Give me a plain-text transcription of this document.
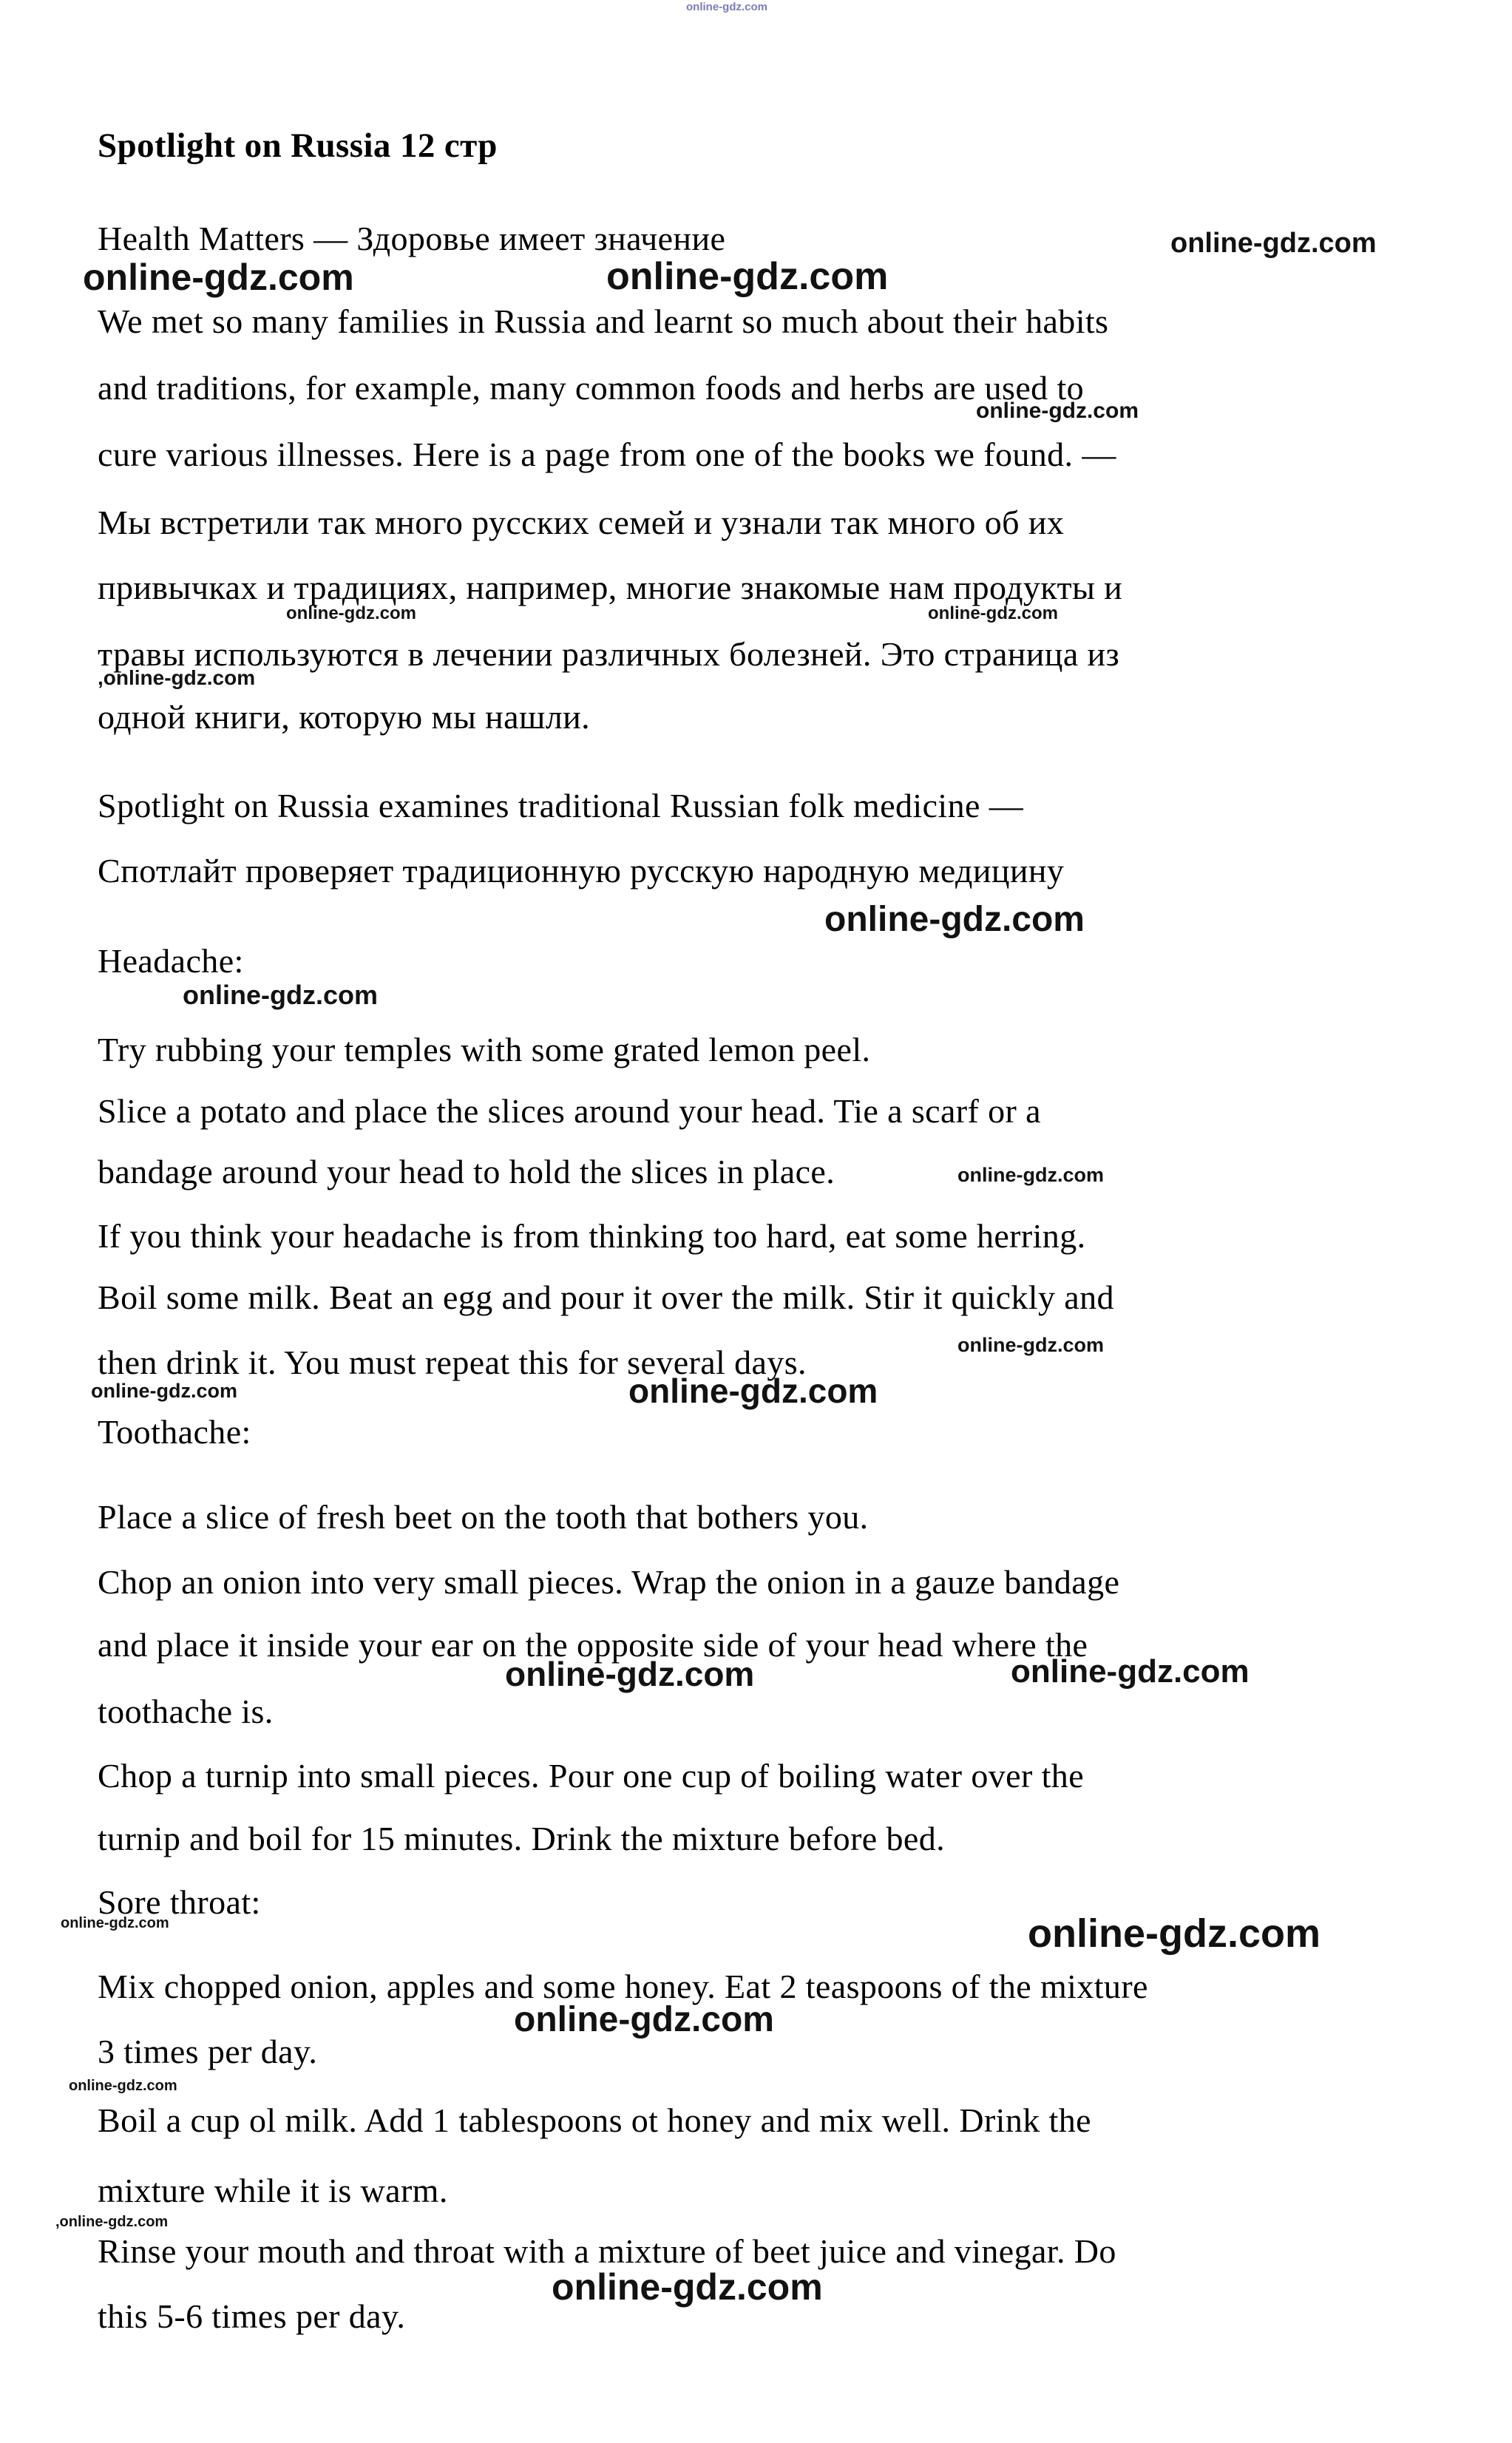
online-gdz.com
Spotlight on Russia 12 стр
Health Matters — Здоровье имеет значение
We met so many families in Russia and learnt so much about their habits
and traditions, for example, many common foods and herbs are used to
cure various illnesses. Here is a page from one of the books we found. —
Мы встретили так много русских семей и узнали так много об их
привычках и традициях, например, многие знакомые нам продукты и
травы используются в лечении различных болезней. Это страница из
одной книги, которую мы нашли.
Spotlight on Russia examines traditional Russian folk medicine —
Спотлайт проверяет традиционную русскую народную медицину
Headache:
Try rubbing your temples with some grated lemon peel.
Slice a potato and place the slices around your head. Tie a scarf or a
bandage around your head to hold the slices in place.
If you think your headache is from thinking too hard, eat some herring.
Boil some milk. Beat an egg and pour it over the milk. Stir it quickly and
then drink it. You must repeat this for several days.
Toothache:
Place a slice of fresh beet on the tooth that bothers you.
Chop an onion into very small pieces. Wrap the onion in a gauze bandage
and place it inside your ear on the opposite side of your head where the
toothache is.
Chop a turnip into small pieces. Pour one cup of boiling water over the
turnip and boil for 15 minutes. Drink the mixture before bed.
Sore throat:
Mix chopped onion, apples and some honey. Eat 2 teaspoons of the mixture
3 times per day.
Boil a cup ol milk. Add 1 tablespoons ot honey and mix well. Drink the
mixture while it is warm.
Rinse your mouth and throat with a mixture of beet juice and vinegar. Do
this 5-6 times per day.
online-gdz.com	online-gdz.com
online-gdz.com
online-gdz.com
online-gdz.com	online-gdz.com
,online-gdz.com
online-gdz.com
online-gdz.com
online-gdz.com
online-gdz.com
online-gdz.com	online-gdz.com
online-gdz.com	online-gdz.com
online-gdz.com	online-gdz.com
online-gdz.com
online-gdz.com
,online-gdz.com
online-gdz.com
